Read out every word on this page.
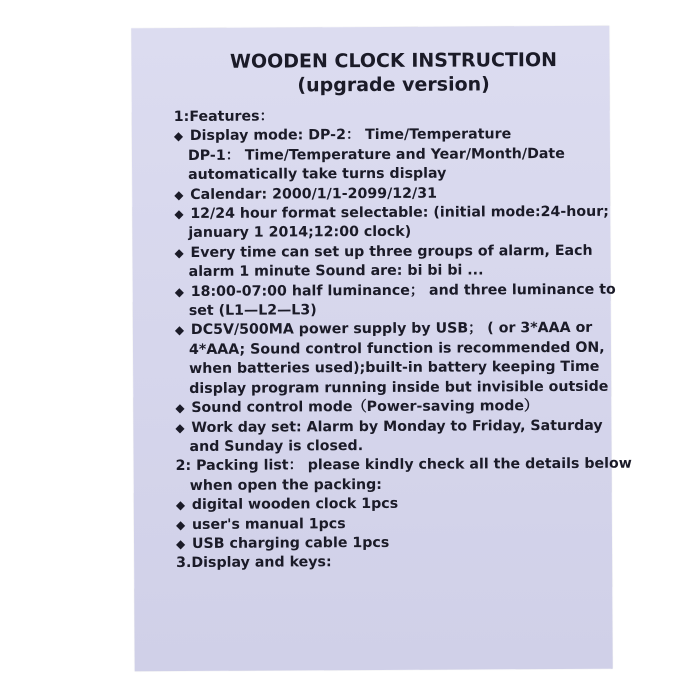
WOODEN CLOCK INSTRUCTION
(upgrade version)
1:Features：
◆ Display mode: DP-2： Time/Temperature
DP-1： Time/Temperature and Year/Month/Date
automatically take turns display
◆ Calendar: 2000/1/1-2099/12/31
◆ 12/24 hour format selectable: (initial mode:24-hour;
january 1 2014;12:00 clock)
◆ Every time can set up three groups of alarm, Each
alarm 1 minute Sound are: bi bi bi ...
◆ 18:00-07:00 half luminance； and three luminance to
set (L1—L2—L3)
◆ DC5V/500MA power supply by USB； ( or 3*AAA or
4*AAA; Sound control function is recommended ON,
when batteries used);built-in battery keeping Time
display program running inside but invisible outside
◆ Sound control mode（Power-saving mode）
◆ Work day set: Alarm by Monday to Friday, Saturday
and Sunday is closed.
2: Packing list： please kindly check all the details below
when open the packing:
◆ digital wooden clock 1pcs
◆ user's manual 1pcs
◆ USB charging cable 1pcs
3.Display and keys:
